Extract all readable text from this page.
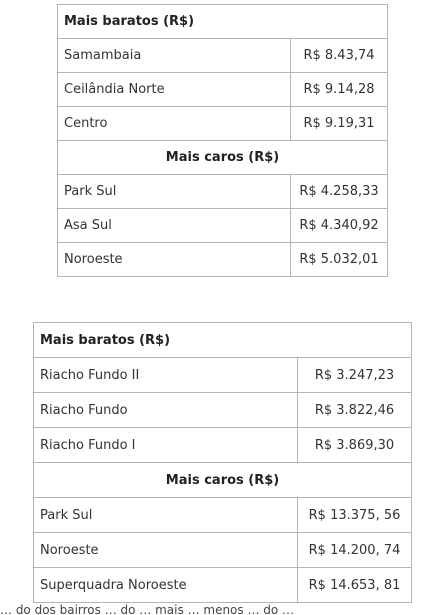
Mais baratos (R$)	
Samambaia	R$ 8.43,74
Ceilândia Norte	R$ 9.14,28
Centro	R$ 9.19,31
Mais caros (R$)	
Park Sul	R$ 4.258,33
Asa Sul	R$ 4.340,92
Noroeste	R$ 5.032,01
Mais baratos (R$)	
Riacho Fundo II	R$ 3.247,23
Riacho Fundo	R$ 3.822,46
Riacho Fundo I	R$ 3.869,30
Mais caros (R$)	
Park Sul	R$ 13.375, 56
Noroeste	R$ 14.200, 74
Superquadra Noroeste	R$ 14.653, 81
… do dos bairros … do … mais … menos … do …
